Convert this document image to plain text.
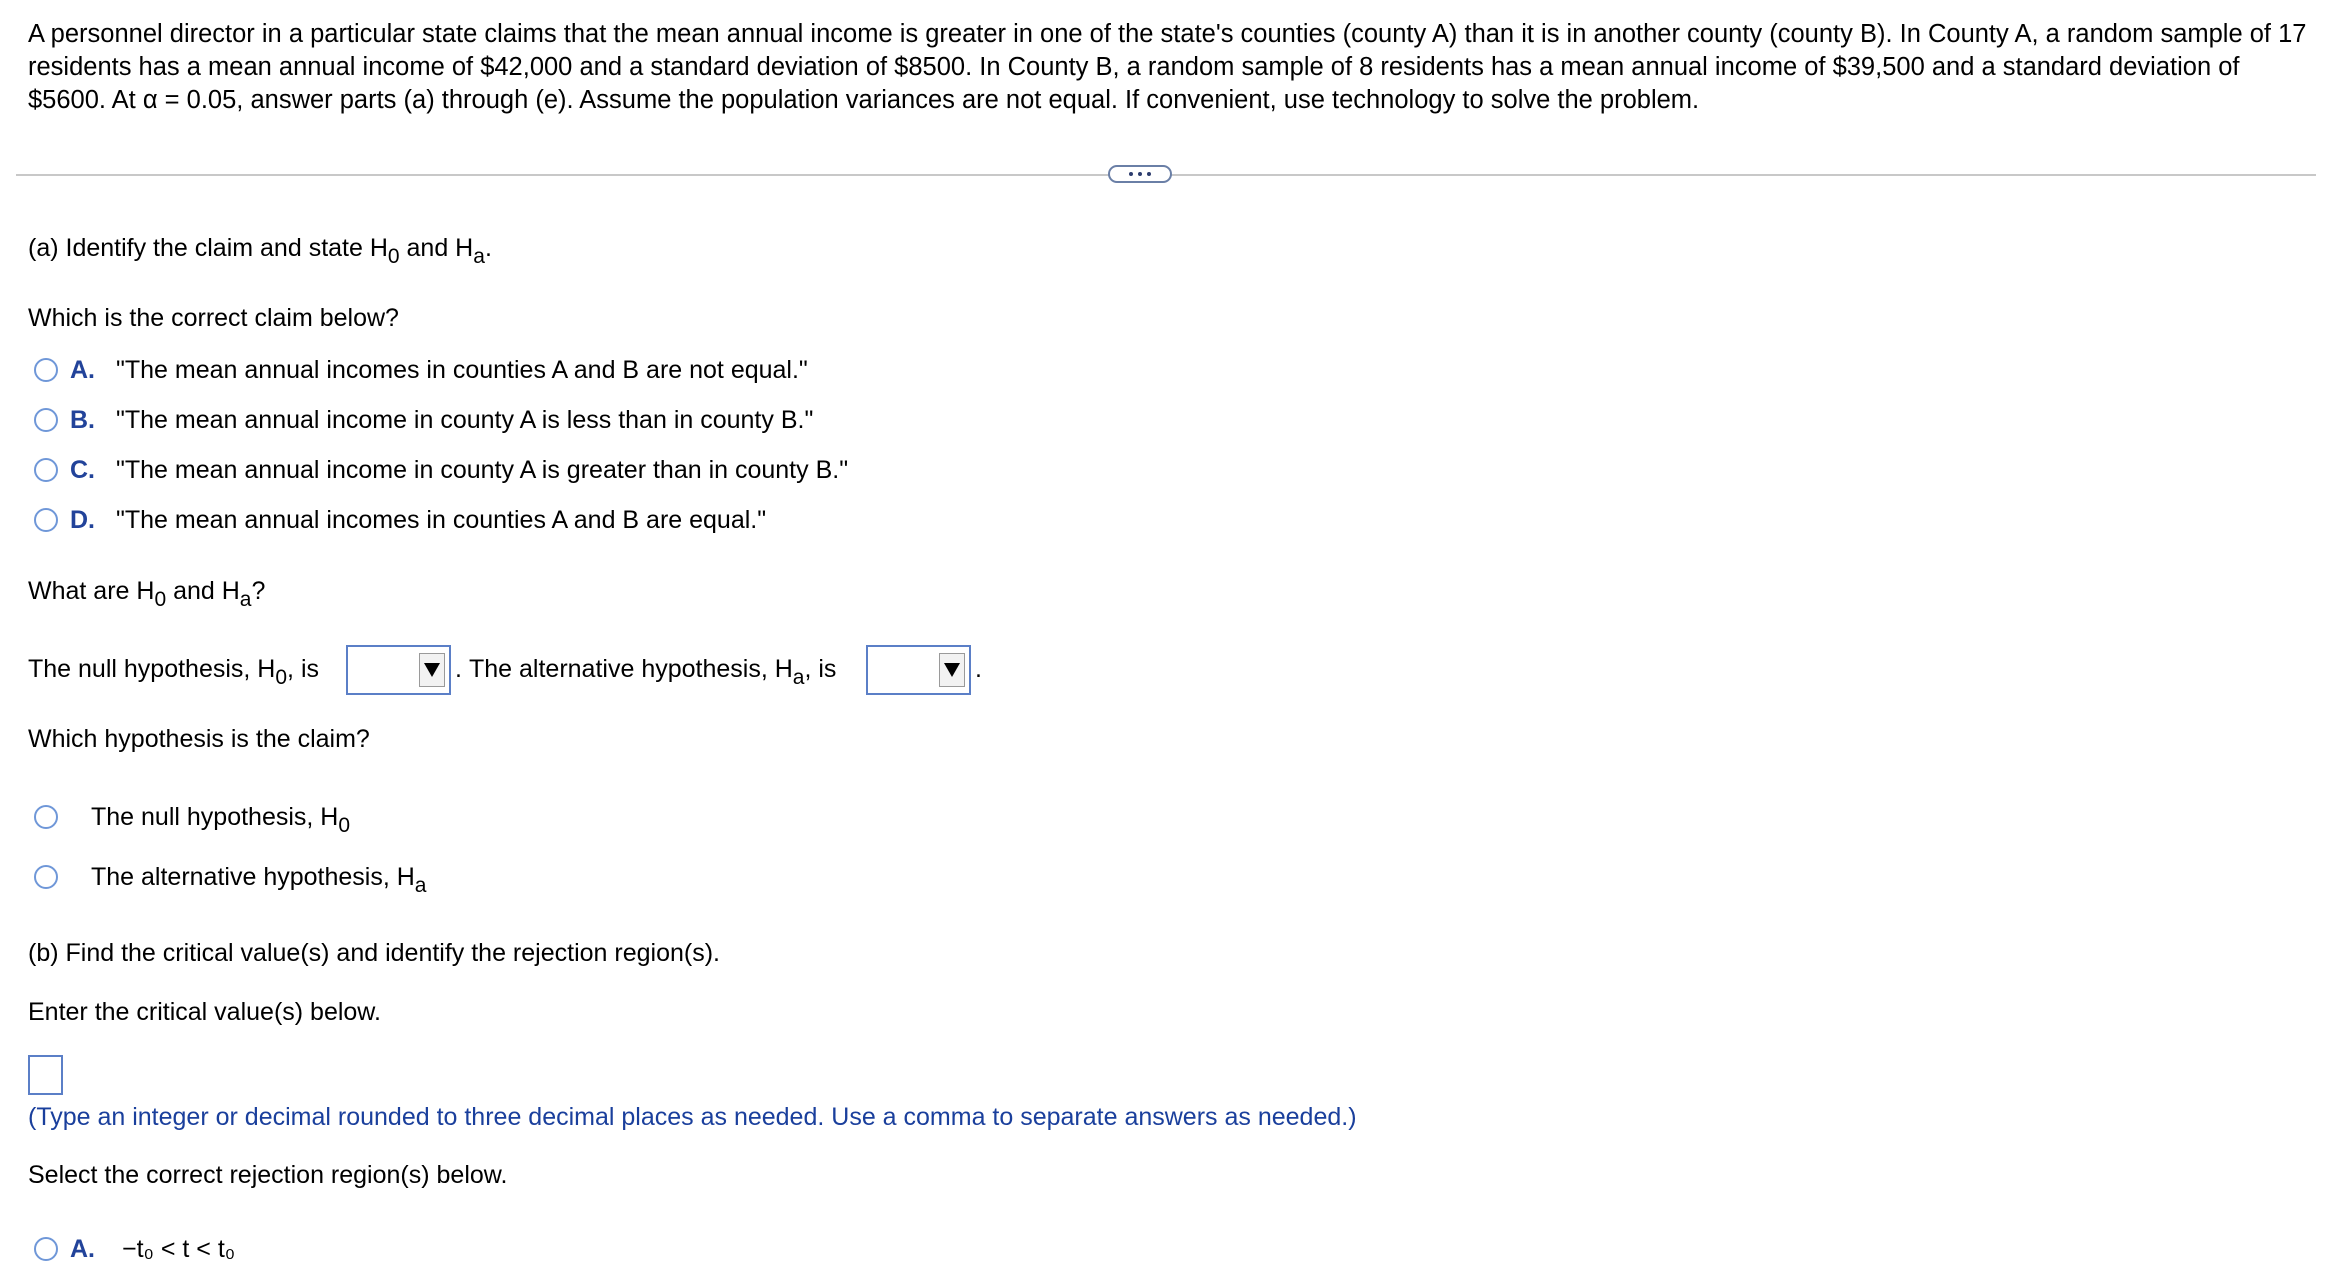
A personnel director in a particular state claims that the mean annual income is greater in one of the state's counties (county A) than it is in another county (county B). In County A, a random sample of 17 residents has a mean annual income of $42,000 and a standard deviation of $8500. In County B, a random sample of 8 residents has a mean annual income of $39,500 and a standard deviation of $5600. At α = 0.05, answer parts (a) through (e). Assume the population variances are not equal. If convenient, use technology to solve the problem.
(a) Identify the claim and state $H_0$ and $H_a$.
Which is the correct claim below?
A. "The mean annual incomes in counties A and B are not equal."
B. "The mean annual income in county A is less than in county B."
C. "The mean annual income in county A is greater than in county B."
D. "The mean annual incomes in counties A and B are equal."
What are $H_0$ and $H_a$?
The null hypothesis, $H_0$, is	. The alternative hypothesis, $H_a$, is	.
Which hypothesis is the claim?
The null hypothesis, $H_0$
The alternative hypothesis, $H_a$
(b) Find the critical value(s) and identify the rejection region(s).
Enter the critical value(s) below.
(Type an integer or decimal rounded to three decimal places as needed. Use a comma to separate answers as needed.)
Select the correct rejection region(s) below.
A. −t₀ < t < t₀
